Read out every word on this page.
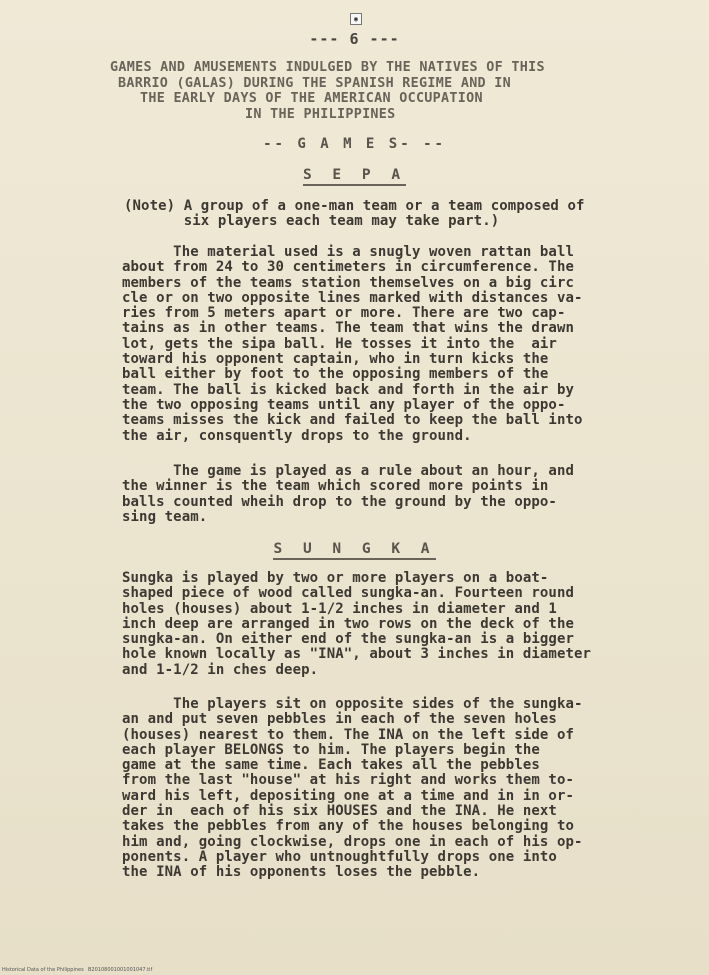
◉
--- 6 ---
GAMES AND AMUSEMENTS INDULGED BY THE NATIVES OF THIS
BARRIO (GALAS) DURING THE SPANISH REGIME AND IN
THE EARLY DAYS OF THE AMERICAN OCCUPATION
IN THE PHILIPPINES
-- G A M E S- --
S E P A
(Note) A group of a one-man team or a team composed of
six players each team may take part.)
The material used is a snugly woven rattan ball
about from 24 to 30 centimeters in circumference. The
members of the teams station themselves on a big circ
cle or on two opposite lines marked with distances va-
ries from 5 meters apart or more. There are two cap-
tains as in other teams. The team that wins the drawn
lot, gets the sipa ball. He tosses it into the  air
toward his opponent captain, who in turn kicks the
ball either by foot to the opposing members of the
team. The ball is kicked back and forth in the air by
the two opposing teams until any player of the oppo-
teams misses the kick and failed to keep the ball into
the air, consquently drops to the ground.
The game is played as a rule about an hour, and
the winner is the team which scored more points in
balls counted wheih drop to the ground by the oppo-
sing team.
S U N G K A
Sungka is played by two or more players on a boat-
shaped piece of wood called sungka-an. Fourteen round
holes (houses) about 1-1/2 inches in diameter and 1
inch deep are arranged in two rows on the deck of the
sungka-an. On either end of the sungka-an is a bigger
hole known locally as "INA", about 3 inches in diameter
and 1-1/2 in ches deep.
The players sit on opposite sides of the sungka-
an and put seven pebbles in each of the seven holes
(houses) nearest to them. The INA on the left side of
each player BELONGS to him. The players begin the
game at the same time. Each takes all the pebbles
from the last "house" at his right and works them to-
ward his left, depositing one at a time and in in or-
der in  each of his six HOUSES and the INA. He next
takes the pebbles from any of the houses belonging to
him and, going clockwise, drops one in each of his op-
ponents. A player who untnoughtfully drops one into
the INA of his opponents loses the pebble.
Historical Data of the Philippines B20108001001001047.tif
